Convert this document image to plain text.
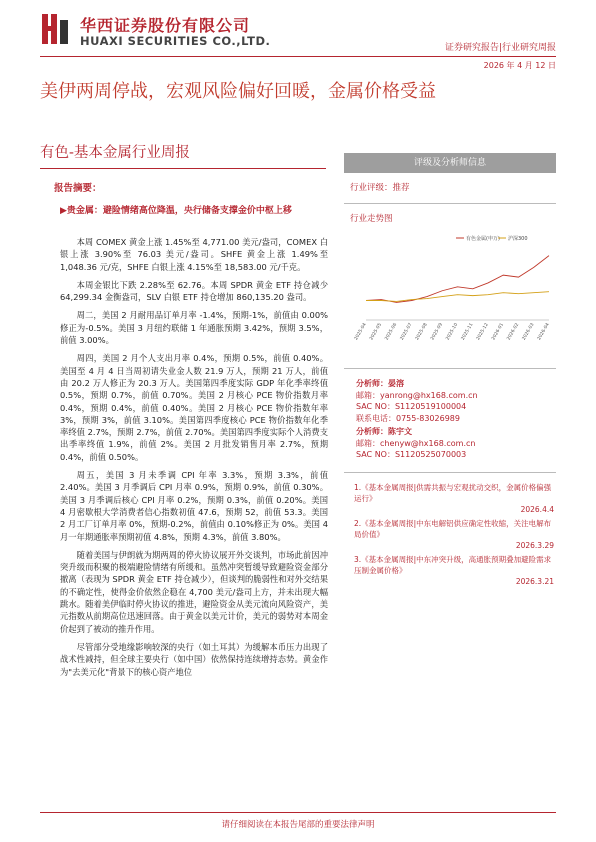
华西证券股份有限公司
HUAXI SECURITIES CO.,LTD.	证券研究报告|行业研究周报
2026 年 4 月 12 日
美伊两周停战，宏观风险偏好回暖，金属价格受益
有色-基本金属行业周报
报告摘要：
▶贵金属：避险情绪高位降温，央行储备支撑金价中枢上移

本周 COMEX 黄金上涨 1.45%至 4,771.00 美元/盎司，COMEX 白银上涨 3.90%至 76.03 美元/盎司。SHFE 黄金上涨 1.49%至 1,048.36 元/克，SHFE 白银上涨 4.15%至 18,583.00 元/千克。

本周金银比下跌 2.28%至 62.76。本周 SPDR 黄金 ETF 持仓减少 64,299.34 金衡盎司，SLV 白银 ETF 持仓增加 860,135.20 盎司。

周二，美国 2 月耐用品订单月率 -1.4%，预期-1%，前值由 0.00%修正为-0.5%。美国 3 月纽约联储 1 年通胀预期 3.42%，预期 3.5%，前值 3.00%。

周四，美国 2 月个人支出月率 0.4%，预期 0.5%，前值 0.40%。美国至 4 月 4 日当周初请失业金人数 21.9 万人，预期 21 万人，前值由 20.2 万人修正为 20.3 万人。美国第四季度实际 GDP 年化季率终值 0.5%，预期 0.7%，前值 0.70%。美国 2 月核心 PCE 物价指数月率 0.4%，预期 0.4%，前值 0.40%。美国 2 月核心 PCE 物价指数年率 3%，预期 3%，前值 3.10%。美国第四季度核心 PCE 物价指数年化季率终值 2.7%，预期 2.7%，前值 2.70%。美国第四季度实际个人消费支出季率终值 1.9%，前值 2%。美国 2 月批发销售月率 2.7%，预期 0.4%，前值 0.50%。

周五，美国 3 月未季调 CPI 年率 3.3%，预期 3.3%，前值 2.40%。美国 3 月季调后 CPI 月率 0.9%，预期 0.9%，前值 0.30%。美国 3 月季调后核心 CPI 月率 0.2%，预期 0.3%，前值 0.20%。美国 4 月密歇根大学消费者信心指数初值 47.6，预期 52，前值 53.3。美国 2 月工厂订单月率 0%，预期-0.2%，前值由 0.10%修正为 0%。美国 4 月一年期通胀率预期初值 4.8%，预期 4.3%，前值 3.80%。

随着美国与伊朗就为期两周的停火协议展开外交谈判，市场此前因冲突升级而积聚的极端避险情绪有所缓和。虽然冲突暂缓导致避险资金部分撤离（表现为 SPDR 黄金 ETF 持仓减少），但谈判的脆弱性和对外交结果的不确定性，使得金价依然企稳在 4,700 美元/盎司上方，并未出现大幅跳水。随着美伊临时停火协议的推进，避险资金从美元流向风险资产，美元指数从前期高位迅速回落。由于黄金以美元计价，美元的弱势对本周金价起到了被动的推升作用。

尽管部分受地缘影响较深的央行（如土耳其）为缓解本币压力出现了战术性减持，但全球主要央行（如中国）依然保持连续增持态势。黄金作为"去美元化"背景下的核心资产地位

评级及分析师信息
行业评级：推荐
行业走势图
2025-04 2025-05 2025-06 2025-07 2025-08 2025-09 2025-10 2025-11 2025-12 2026-01 2026-02 2026-03 2026-04
有色金属(申万) 沪深300
分析师：晏溶
邮箱：yanrong@hx168.com.cn
SAC NO：S1120519100004
联系电话：0755-83026989
分析师：陈宇文
邮箱：chenyw@hx168.com.cn
SAC NO：S1120525070003
1.《基本金属周报|供需共振与宏观扰动交织，金属价格偏强运行》
2026.4.4
2.《基本金属周报|中东电解铝供应确定性收缩，关注电解布局价值》
2026.3.29
3.《基本金属周报|中东冲突升级，高通胀预期叠加避险需求压制金属价格》
2026.3.21
请仔细阅读在本报告尾部的重要法律声明
